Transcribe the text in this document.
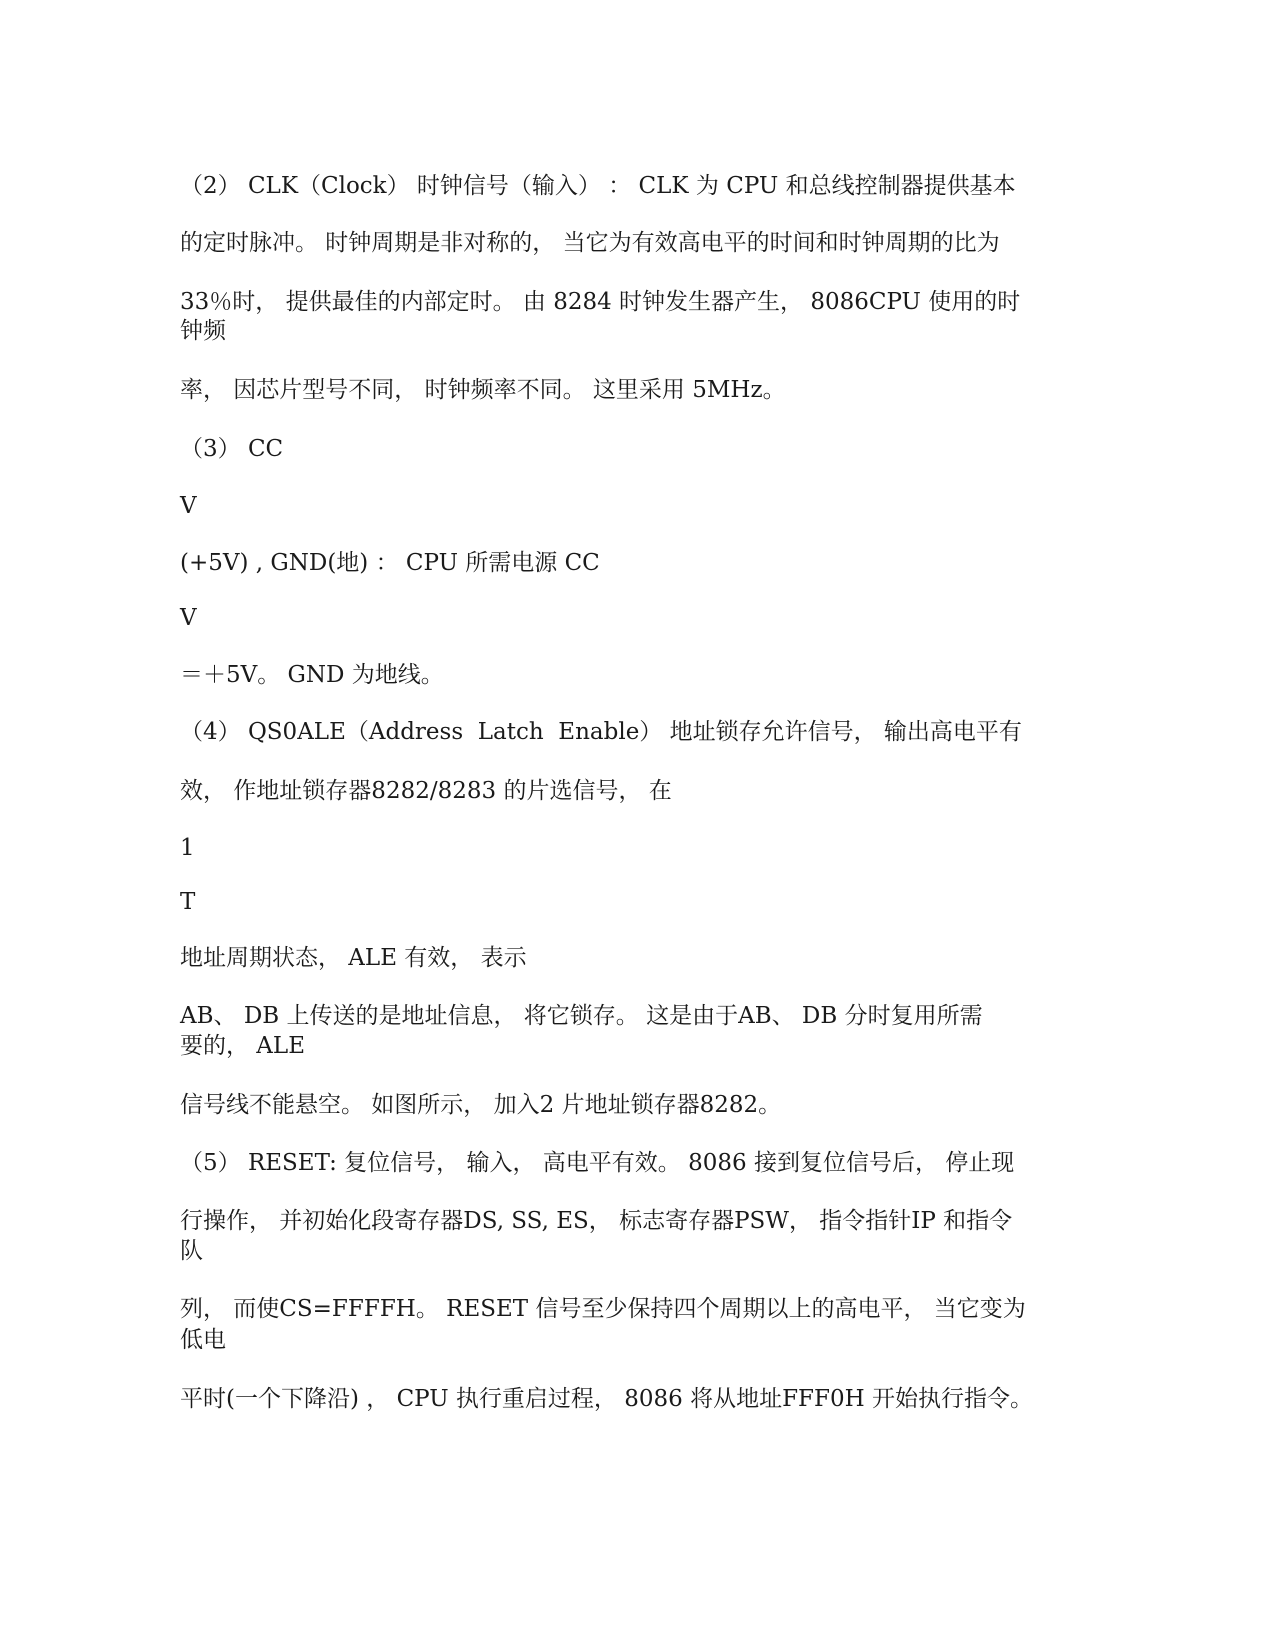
（2） CLK（Clock） 时钟信号（输入） ： CLK 为 CPU 和总线控制器提供基本

的定时脉冲。 时钟周期是非对称的， 当它为有效高电平的时间和时钟周期的比为

33％时， 提供最佳的内部定时。 由 8284 时钟发生器产生， 8086CPU 使用的时

钟频

率， 因芯片型号不同， 时钟频率不同。 这里采用 5MHz。

（3） CC

V

(+5V) , GND(地) ： CPU 所需电源 CC

V

＝＋5V。 GND 为地线。

（4） QS0ALE（Address  Latch  Enable） 地址锁存允许信号， 输出高电平有

效， 作地址锁存器8282/8283 的片选信号， 在

1

T

地址周期状态， ALE 有效， 表示

AB、 DB 上传送的是地址信息， 将它锁存。 这是由于AB、 DB 分时复用所需

要的， ALE

信号线不能悬空。 如图所示， 加入2 片地址锁存器8282。

（5） RESET: 复位信号， 输入， 高电平有效。 8086 接到复位信号后， 停止现

行操作， 并初始化段寄存器DS, SS, ES， 标志寄存器PSW， 指令指针IP 和指令

队

列， 而使CS=FFFFH。 RESET 信号至少保持四个周期以上的高电平， 当它变为

低电

平时(一个下降沿) ， CPU 执行重启过程， 8086 将从地址FFF0H 开始执行指令。
